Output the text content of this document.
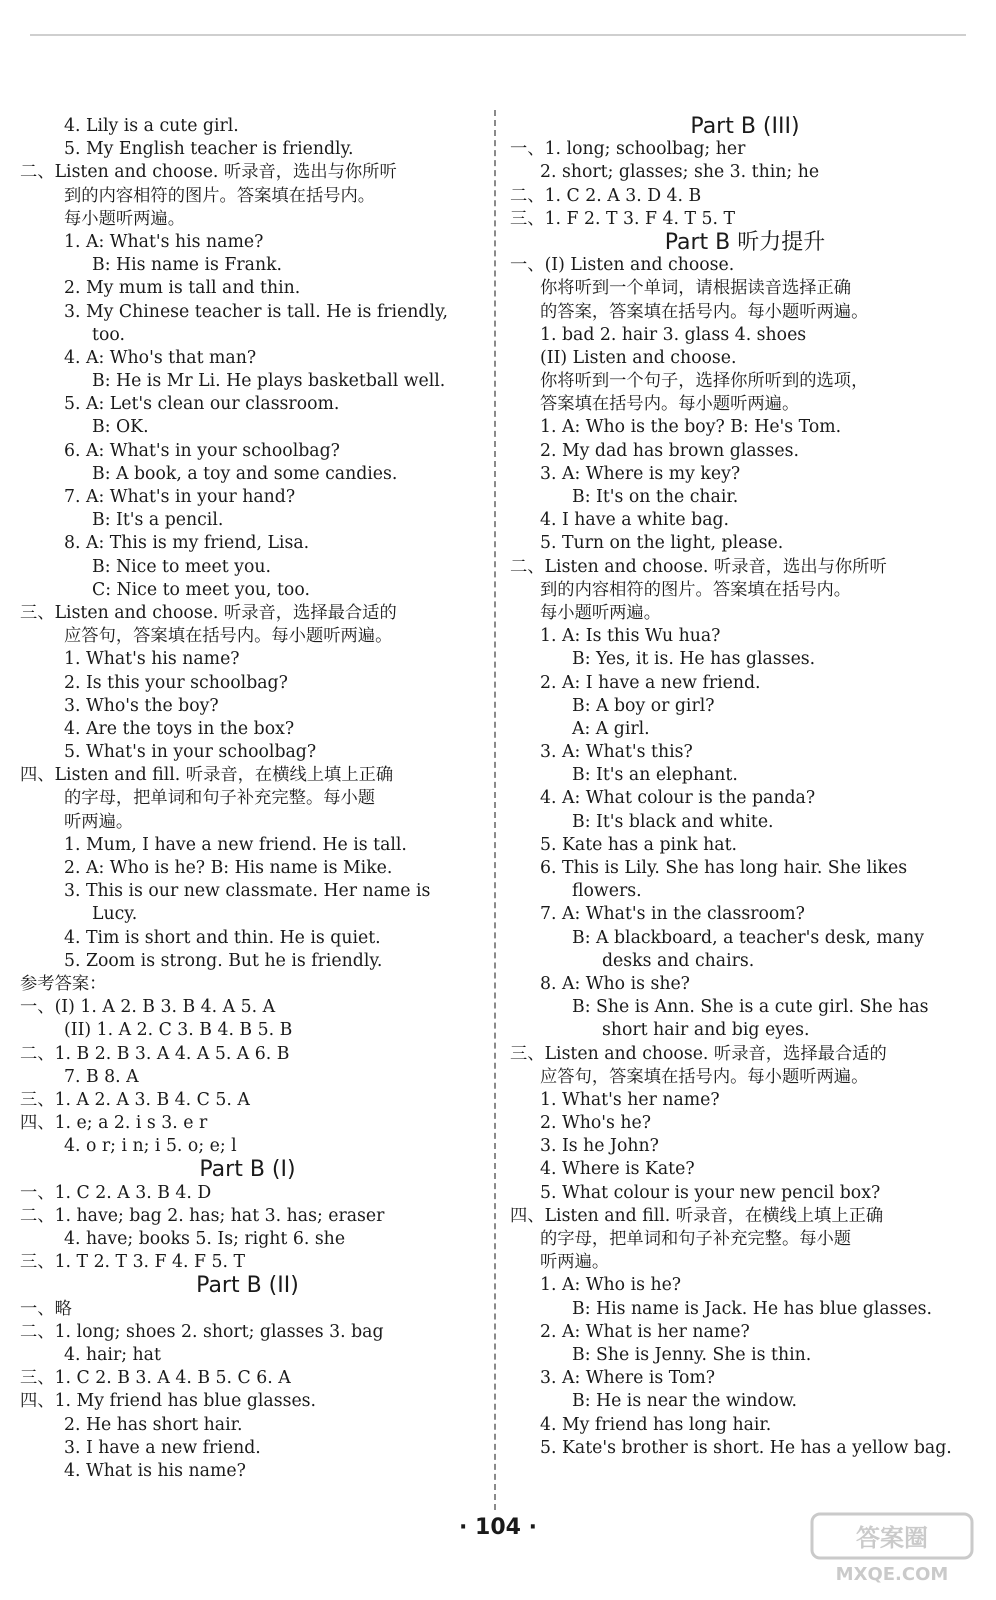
4. Lily is a cute girl.
5. My English teacher is friendly.
二、Listen and choose. 听录音，选出与你所听
到的内容相符的图片。答案填在括号内。
每小题听两遍。
1. A: What's his name?
B: His name is Frank.
2. My mum is tall and thin.
3. My Chinese teacher is tall. He is friendly,
too.
4. A: Who's that man?
B: He is Mr Li. He plays basketball well.
5. A: Let's clean our classroom.
B: OK.
6. A: What's in your schoolbag?
B: A book, a toy and some candies.
7. A: What's in your hand?
B: It's a pencil.
8. A: This is my friend, Lisa.
B: Nice to meet you.
C: Nice to meet you, too.
三、Listen and choose. 听录音，选择最合适的
应答句，答案填在括号内。每小题听两遍。
1. What's his name?
2. Is this your schoolbag?
3. Who's the boy?
4. Are the toys in the box?
5. What's in your schoolbag?
四、Listen and fill. 听录音，在横线上填上正确
的字母，把单词和句子补充完整。每小题
听两遍。
1. Mum, I have a new friend. He is tall.
2. A: Who is he? B: His name is Mike.
3. This is our new classmate. Her name is
Lucy.
4. Tim is short and thin. He is quiet.
5. Zoom is strong. But he is friendly.
参考答案：
一、(I) 1. A 2. B 3. B 4. A 5. A
(II) 1. A 2. C 3. B 4. B 5. B
二、1. B 2. B 3. A 4. A 5. A 6. B
7. B 8. A
三、1. A 2. A 3. B 4. C 5. A
四、1. e; a 2. i s 3. e r
4. o r; i n; i 5. o; e; l
Part B (I)
一、1. C 2. A 3. B 4. D
二、1. have; bag 2. has; hat 3. has; eraser
4. have; books 5. Is; right 6. she
三、1. T 2. T 3. F 4. F 5. T
Part B (II)
一、略
二、1. long; shoes 2. short; glasses 3. bag
4. hair; hat
三、1. C 2. B 3. A 4. B 5. C 6. A
四、1. My friend has blue glasses.
2. He has short hair.
3. I have a new friend.
4. What is his name?
Part B (III)
一、1. long; schoolbag; her
2. short; glasses; she 3. thin; he
二、1. C 2. A 3. D 4. B
三、1. F 2. T 3. F 4. T 5. T
Part B 听力提升
一、(I) Listen and choose.
你将听到一个单词，请根据读音选择正确
的答案，答案填在括号内。每小题听两遍。
1. bad 2. hair 3. glass 4. shoes
(II) Listen and choose.
你将听到一个句子，选择你所听到的选项，
答案填在括号内。每小题听两遍。
1. A: Who is the boy? B: He's Tom.
2. My dad has brown glasses.
3. A: Where is my key?
B: It's on the chair.
4. I have a white bag.
5. Turn on the light, please.
二、Listen and choose. 听录音，选出与你所听
到的内容相符的图片。答案填在括号内。
每小题听两遍。
1. A: Is this Wu hua?
B: Yes, it is. He has glasses.
2. A: I have a new friend.
B: A boy or girl?
A: A girl.
3. A: What's this?
B: It's an elephant.
4. A: What colour is the panda?
B: It's black and white.
5. Kate has a pink hat.
6. This is Lily. She has long hair. She likes
flowers.
7. A: What's in the classroom?
B: A blackboard, a teacher's desk, many
desks and chairs.
8. A: Who is she?
B: She is Ann. She is a cute girl. She has
short hair and big eyes.
三、Listen and choose. 听录音，选择最合适的
应答句，答案填在括号内。每小题听两遍。
1. What's her name?
2. Who's he?
3. Is he John?
4. Where is Kate?
5. What colour is your new pencil box?
四、Listen and fill. 听录音，在横线上填上正确
的字母，把单词和句子补充完整。每小题
听两遍。
1. A: Who is he?
B: His name is Jack. He has blue glasses.
2. A: What is her name?
B: She is Jenny. She is thin.
3. A: Where is Tom?
B: He is near the window.
4. My friend has long hair.
5. Kate's brother is short. He has a yellow bag.
· 104 ·	答案圈
MXQE.COM
